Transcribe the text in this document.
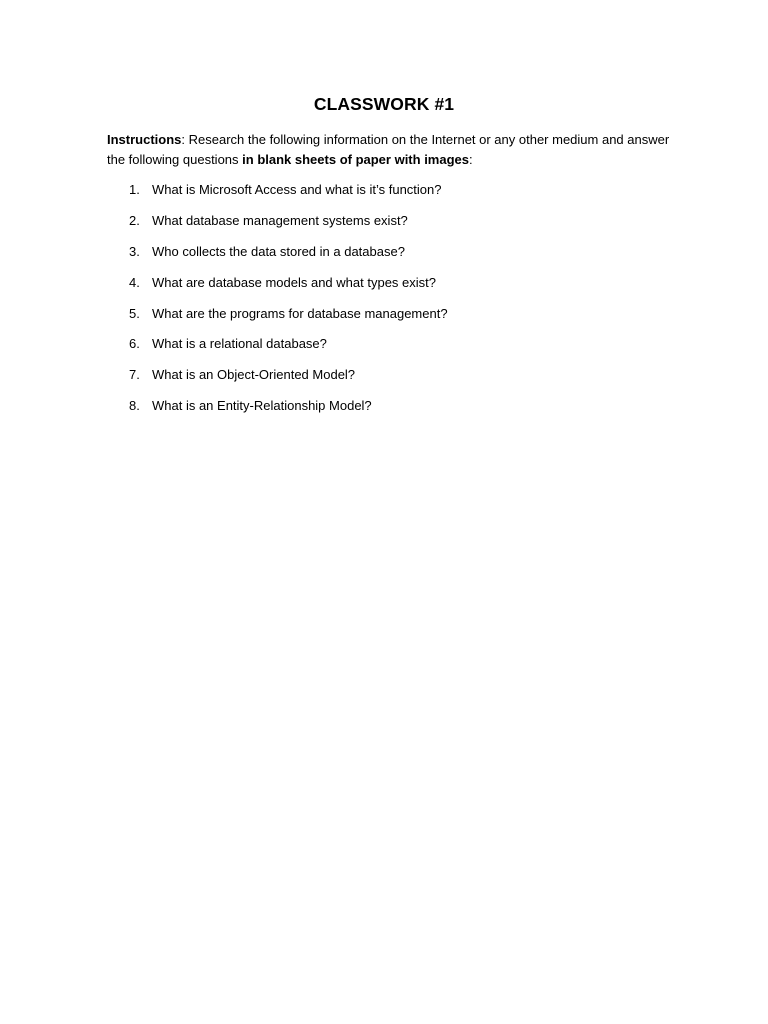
CLASSWORK #1

Instructions: Research the following information on the Internet or any other medium and answer the following questions in blank sheets of paper with images:

1. What is Microsoft Access and what is it’s function?
2. What database management systems exist?
3. Who collects the data stored in a database?
4. What are database models and what types exist?
5. What are the programs for database management?
6. What is a relational database?
7. What is an Object-Oriented Model?
8. What is an Entity-Relationship Model?
